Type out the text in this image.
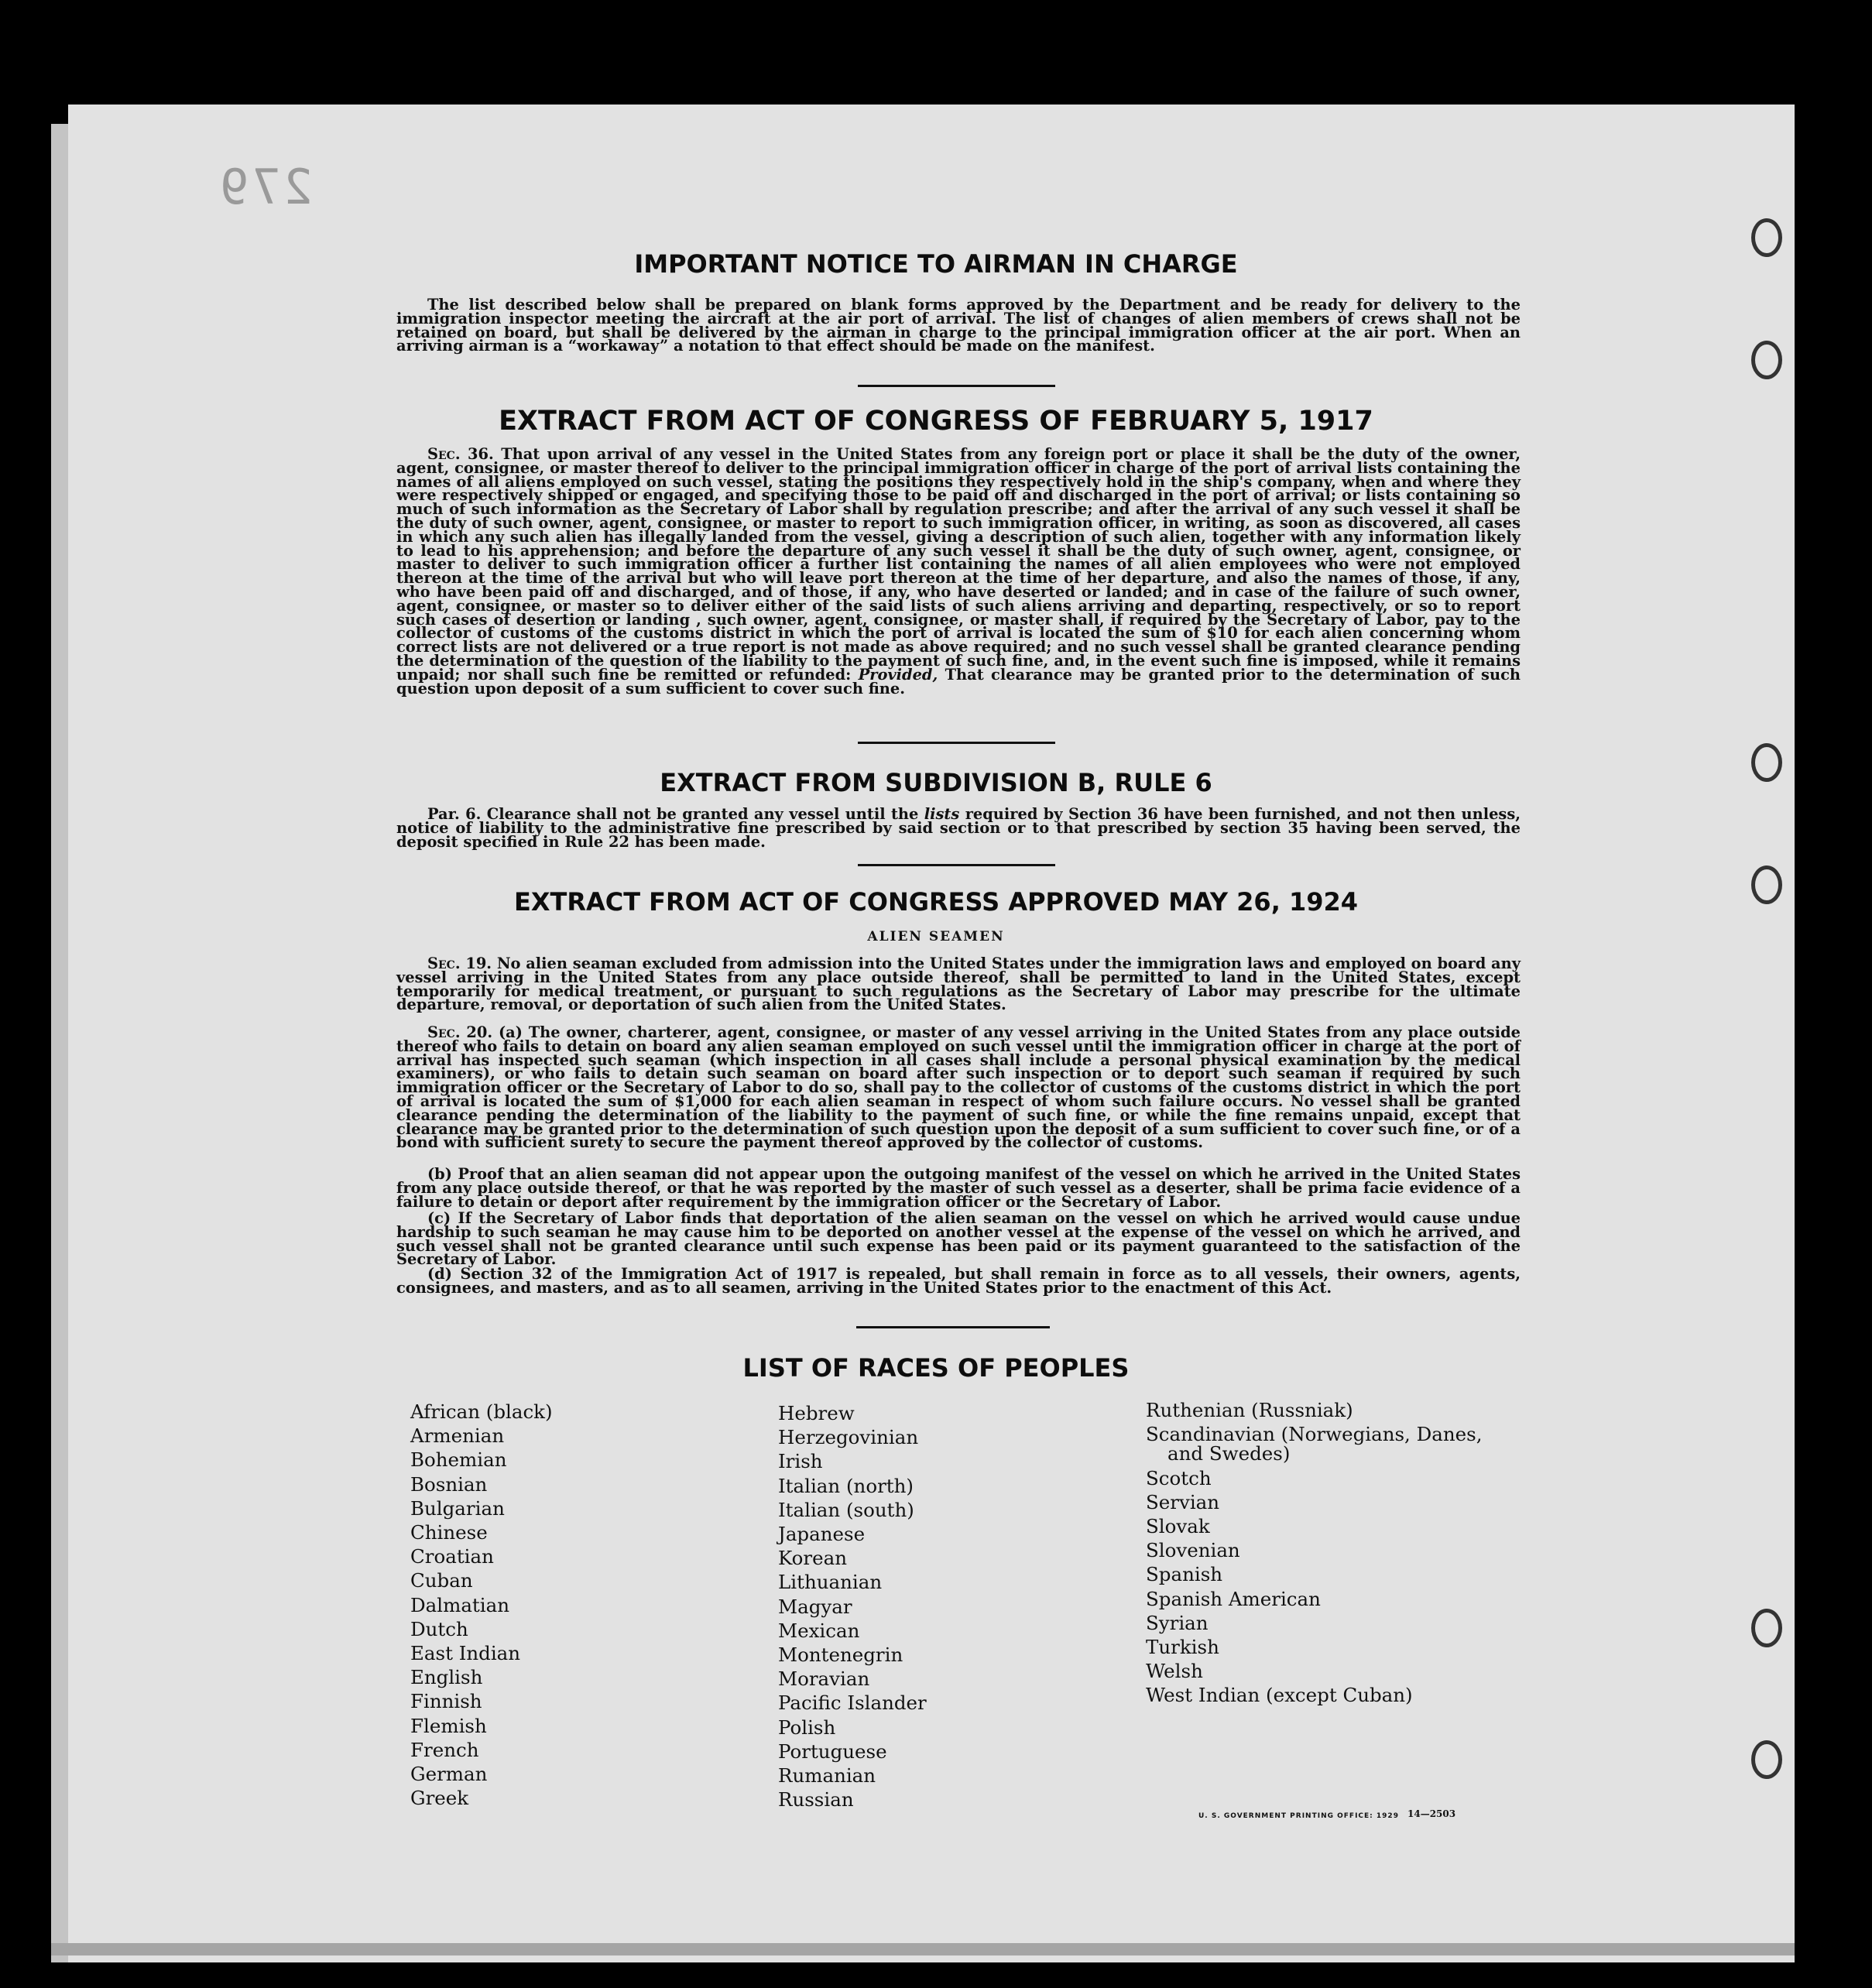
279
IMPORTANT NOTICE TO AIRMAN IN CHARGE

The list described below shall be prepared on blank forms approved by the Department and be ready for delivery to the immigration inspector meeting the aircraft at the air port of arrival. The list of changes of alien members of crews shall not be retained on board, but shall be delivered by the airman in charge to the principal immigration officer at the air port. When an arriving airman is a “workaway” a notation to that effect should be made on the manifest.

EXTRACT FROM ACT OF CONGRESS OF FEBRUARY 5, 1917

Sec. 36. That upon arrival of any vessel in the United States from any foreign port or place it shall be the duty of the owner, agent, consignee, or master thereof to deliver to the principal immigration officer in charge of the port of arrival lists containing the names of all aliens employed on such vessel, stating the positions they respectively hold in the ship's company, when and where they were respectively shipped or engaged, and specifying those to be paid off and discharged in the port of arrival; or lists containing so much of such information as the Secretary of Labor shall by regulation prescribe; and after the arrival of any such vessel it shall be the duty of such owner, agent, consignee, or master to report to such immigration officer, in writing, as soon as discovered, all cases in which any such alien has illegally landed from the vessel, giving a description of such alien, together with any information likely to lead to his apprehension; and before the departure of any such vessel it shall be the duty of such owner, agent, consignee, or master to deliver to such immigration officer a further list containing the names of all alien employees who were not employed thereon at the time of the arrival but who will leave port thereon at the time of her departure, and also the names of those, if any, who have been paid off and discharged, and of those, if any, who have deserted or landed; and in case of the failure of such owner, agent, consignee, or master so to deliver either of the said lists of such aliens arriving and departing, respectively, or so to report such cases of desertion or landing , such owner, agent, consignee, or master shall, if required by the Secretary of Labor, pay to the collector of customs of the customs district in which the port of arrival is located the sum of $10 for each alien concerning whom correct lists are not delivered or a true report is not made as above required; and no such vessel shall be granted clearance pending the determination of the question of the liability to the payment of such fine, and, in the event such fine is imposed, while it remains unpaid; nor shall such fine be remitted or refunded: Provided, That clearance may be granted prior to the determination of such question upon deposit of a sum sufficient to cover such fine.

EXTRACT FROM SUBDIVISION B, RULE 6

Par. 6. Clearance shall not be granted any vessel until the lists required by Section 36 have been furnished, and not then unless, notice of liability to the administrative fine prescribed by said section or to that prescribed by section 35 having been served, the deposit specified in Rule 22 has been made.

EXTRACT FROM ACT OF CONGRESS APPROVED MAY 26, 1924
ALIEN SEAMEN

Sec. 19. No alien seaman excluded from admission into the United States under the immigration laws and employed on board any vessel arriving in the United States from any place outside thereof, shall be permitted to land in the United States, except temporarily for medical treatment, or pursuant to such regulations as the Secretary of Labor may prescribe for the ultimate departure, removal, or deportation of such alien from the United States.

Sec. 20. (a) The owner, charterer, agent, consignee, or master of any vessel arriving in the United States from any place outside thereof who fails to detain on board any alien seaman employed on such vessel until the immigration officer in charge at the port of arrival has inspected such seaman (which inspection in all cases shall include a personal physical examination by the medical examiners), or who fails to detain such seaman on board after such inspection or to deport such seaman if required by such immigration officer or the Secretary of Labor to do so, shall pay to the collector of customs of the customs district in which the port of arrival is located the sum of $1,000 for each alien seaman in respect of whom such failure occurs. No vessel shall be granted clearance pending the determination of the liability to the payment of such fine, or while the fine remains unpaid, except that clearance may be granted prior to the determination of such question upon the deposit of a sum sufficient to cover such fine, or of a bond with sufficient surety to secure the payment thereof approved by the collector of customs.

(b) Proof that an alien seaman did not appear upon the outgoing manifest of the vessel on which he arrived in the United States from any place outside thereof, or that he was reported by the master of such vessel as a deserter, shall be prima facie evidence of a failure to detain or deport after requirement by the immigration officer or the Secretary of Labor.

(c) If the Secretary of Labor finds that deportation of the alien seaman on the vessel on which he arrived would cause undue hardship to such seaman he may cause him to be deported on another vessel at the expense of the vessel on which he arrived, and such vessel shall not be granted clearance until such expense has been paid or its payment guaranteed to the satisfaction of the Secretary of Labor.

(d) Section 32 of the Immigration Act of 1917 is repealed, but shall remain in force as to all vessels, their owners, agents, consignees, and masters, and as to all seamen, arriving in the United States prior to the enactment of this Act.

LIST OF RACES OF PEOPLES
African (black)
Armenian
Bohemian
Bosnian
Bulgarian
Chinese
Croatian
Cuban
Dalmatian
Dutch
East Indian
English
Finnish
Flemish
French
German
Greek
Hebrew
Herzegovinian
Irish
Italian (north)
Italian (south)
Japanese
Korean
Lithuanian
Magyar
Mexican
Montenegrin
Moravian
Pacific Islander
Polish
Portuguese
Rumanian
Russian
Ruthenian (Russniak)
Scandinavian (Norwegians, Danes,
and Swedes)
Scotch
Servian
Slovak
Slovenian
Spanish
Spanish American
Syrian
Turkish
Welsh
West Indian (except Cuban)
U. S. GOVERNMENT PRINTING OFFICE: 1929 14—2503
